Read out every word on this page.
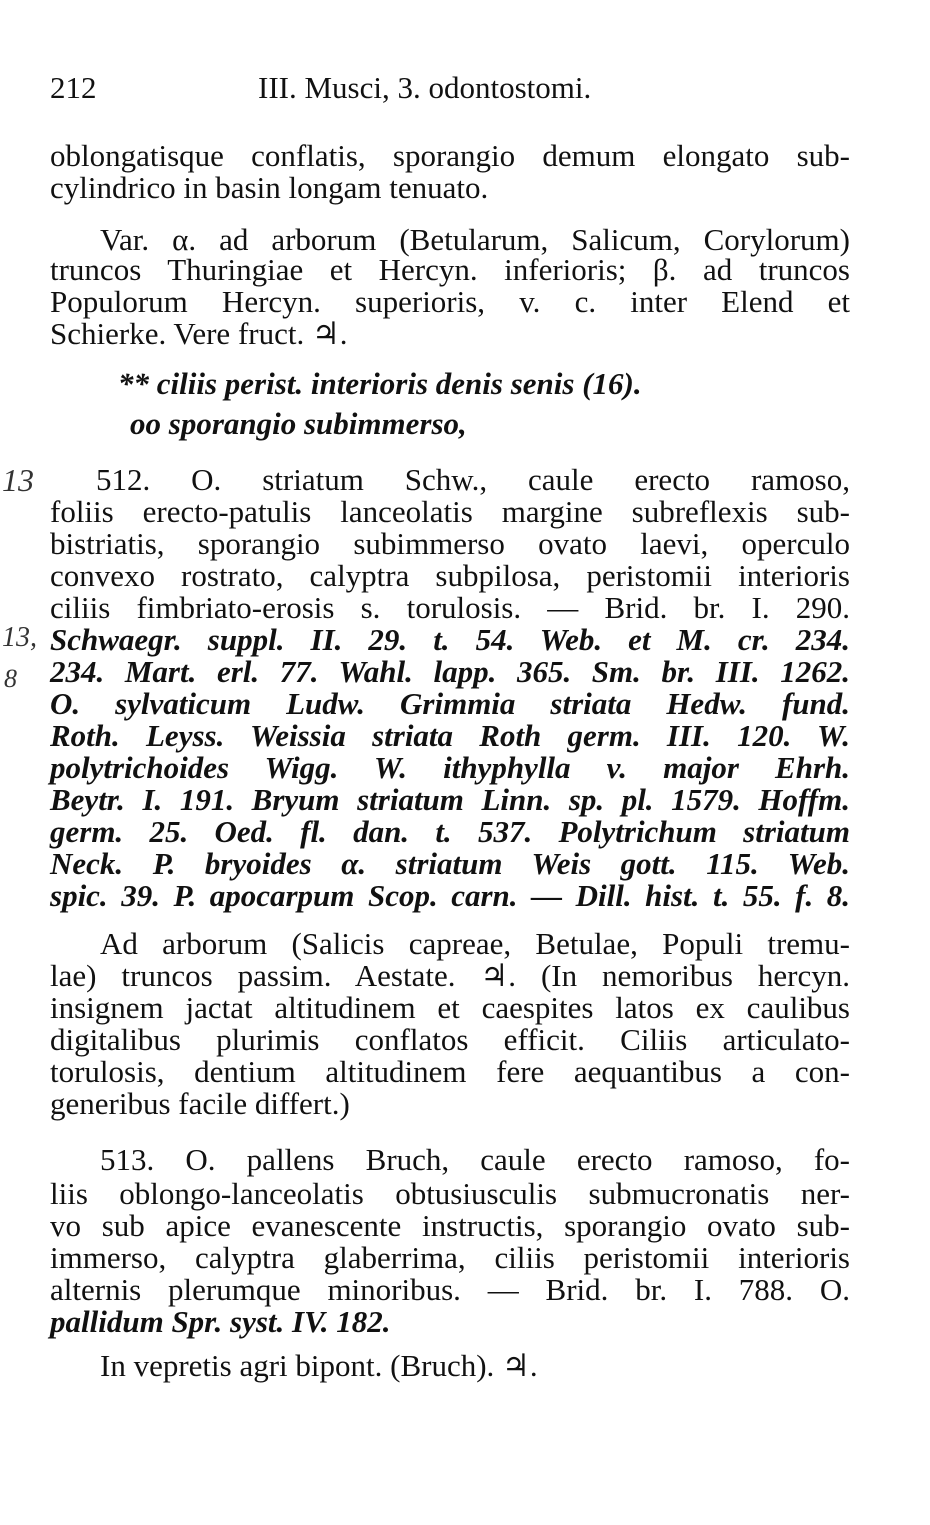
212	III. Musci, 3. odontostomi.
13
13,
8
oblongatisque conflatis, sporangio demum elongato sub-
cylindrico in basin longam tenuato.
Var. α. ad arborum (Betularum, Salicum, Corylorum)
truncos Thuringiae et Hercyn. inferioris; β. ad truncos
Populorum Hercyn. superioris, v. c. inter Elend et
Schierke. Vere fruct. ♃.
** ciliis perist. interioris denis senis (16).
oo sporangio subimmerso,
512. O. striatum Schw., caule erecto ramoso,
foliis erecto-patulis lanceolatis margine subreflexis sub-
bistriatis, sporangio subimmerso ovato laevi, operculo
convexo rostrato, calyptra subpilosa, peristomii interioris
ciliis fimbriato-erosis s. torulosis. — Brid. br. I. 290.
Schwaegr. suppl. II. 29. t. 54. Web. et M. cr. 234.
234. Mart. erl. 77. Wahl. lapp. 365. Sm. br. III. 1262.
O. sylvaticum Ludw. Grimmia striata Hedw. fund.
Roth. Leyss. Weissia striata Roth germ. III. 120. W.
polytrichoides Wigg. W. ithyphylla v. major Ehrh.
Beytr. I. 191. Bryum striatum Linn. sp. pl. 1579. Hoffm.
germ. 25. Oed. fl. dan. t. 537. Polytrichum striatum
Neck. P. bryoides α. striatum Weis gott. 115. Web.
spic. 39. P. apocarpum Scop. carn. — Dill. hist. t. 55. f. 8.
Ad arborum (Salicis capreae, Betulae, Populi tremu-
lae) truncos passim. Aestate. ♃. (In nemoribus hercyn.
insignem jactat altitudinem et caespites latos ex caulibus
digitalibus plurimis conflatos efficit. Ciliis articulato-
torulosis, dentium altitudinem fere aequantibus a con-
generibus facile differt.)
513. O. pallens Bruch, caule erecto ramoso, fo-
liis oblongo-lanceolatis obtusiusculis submucronatis ner-
vo sub apice evanescente instructis, sporangio ovato sub-
immerso, calyptra glaberrima, ciliis peristomii interioris
alternis plerumque minoribus. — Brid. br. I. 788. O.
pallidum Spr. syst. IV. 182.
In vepretis agri bipont. (Bruch). ♃.
